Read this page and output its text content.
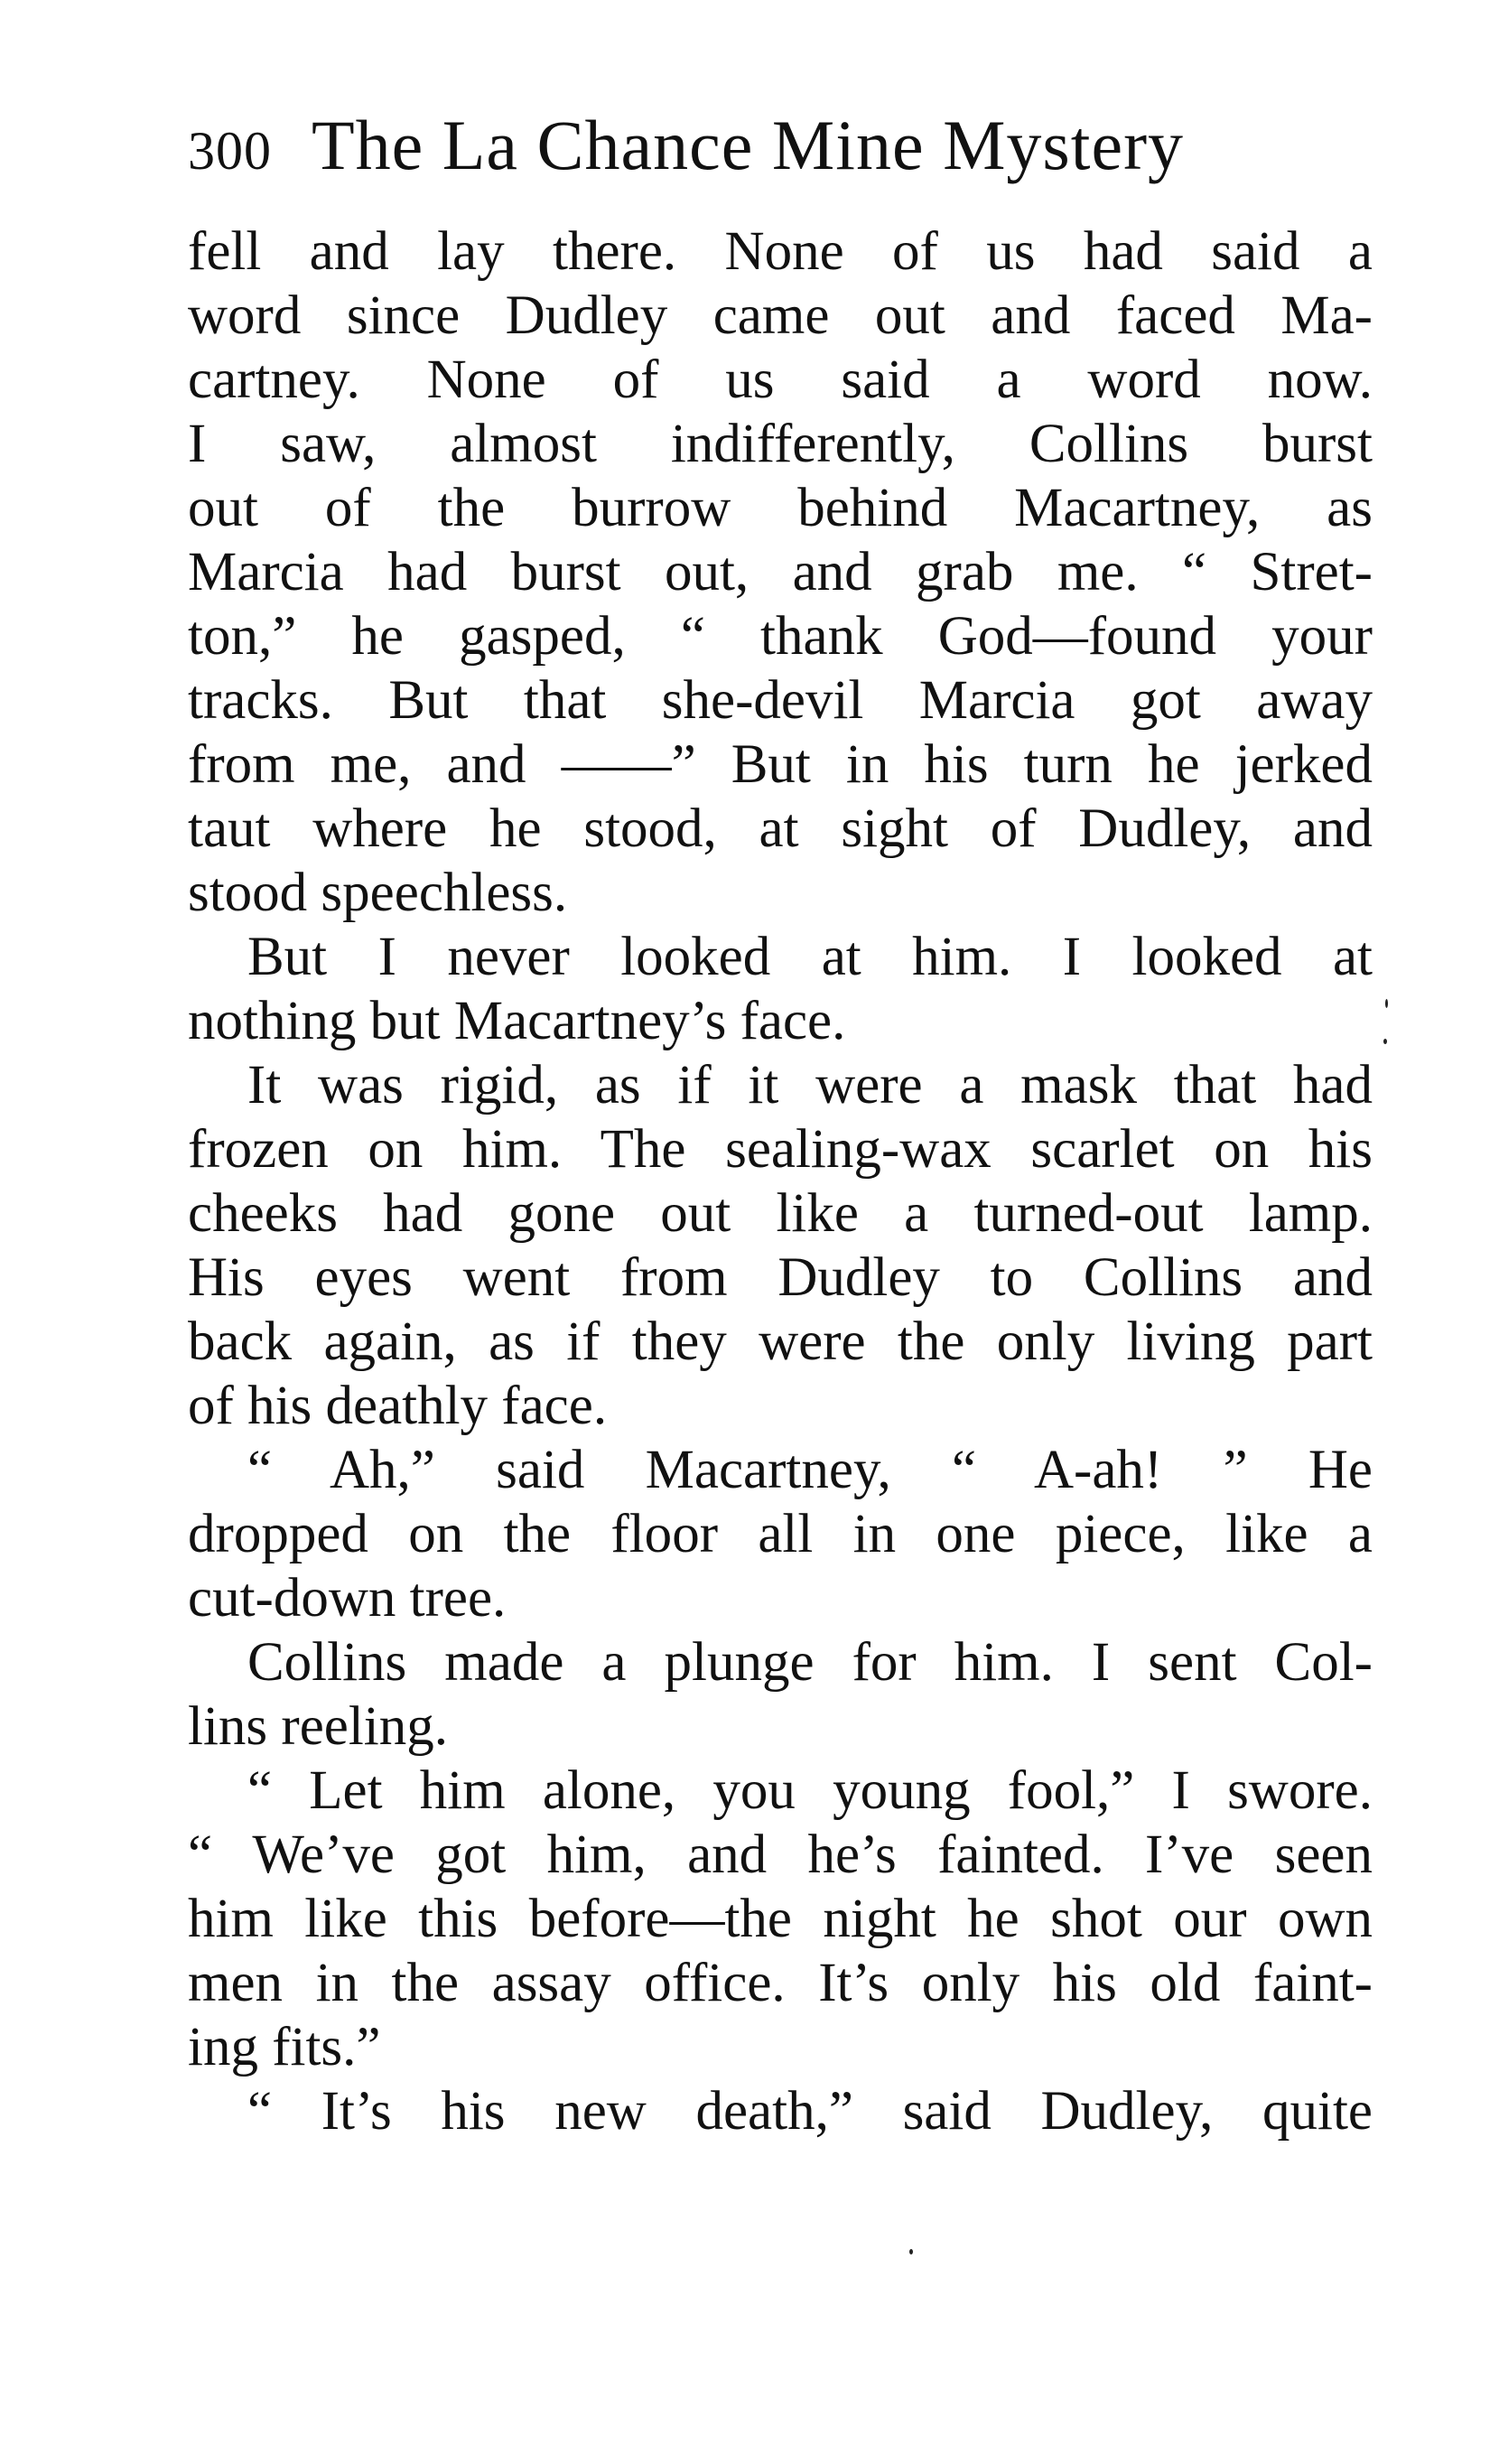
300 The La Chance Mine Mystery
fell and lay there. None of us had said a
word since Dudley came out and faced Ma-
cartney. None of us said a word now.
I saw, almost indifferently, Collins burst
out of the burrow behind Macartney, as
Marcia had burst out, and grab me. “ Stret-
ton,” he gasped, “ thank God—found your
tracks. But that she-devil Marcia got away
from me, and ——” But in his turn he jerked
taut where he stood, at sight of Dudley, and
stood speechless.
But I never looked at him. I looked at
nothing but Macartney’s face.
It was rigid, as if it were a mask that had
frozen on him. The sealing-wax scarlet on his
cheeks had gone out like a turned-out lamp.
His eyes went from Dudley to Collins and
back again, as if they were the only living part
of his deathly face.
“ Ah,” said Macartney, “ A-ah! ” He
dropped on the floor all in one piece, like a
cut-down tree.
Collins made a plunge for him. I sent Col-
lins reeling.
“ Let him alone, you young fool,” I swore.
“ We’ve got him, and he’s fainted. I’ve seen
him like this before—the night he shot our own
men in the assay office. It’s only his old faint-
ing fits.”
“ It’s his new death,” said Dudley, quite
